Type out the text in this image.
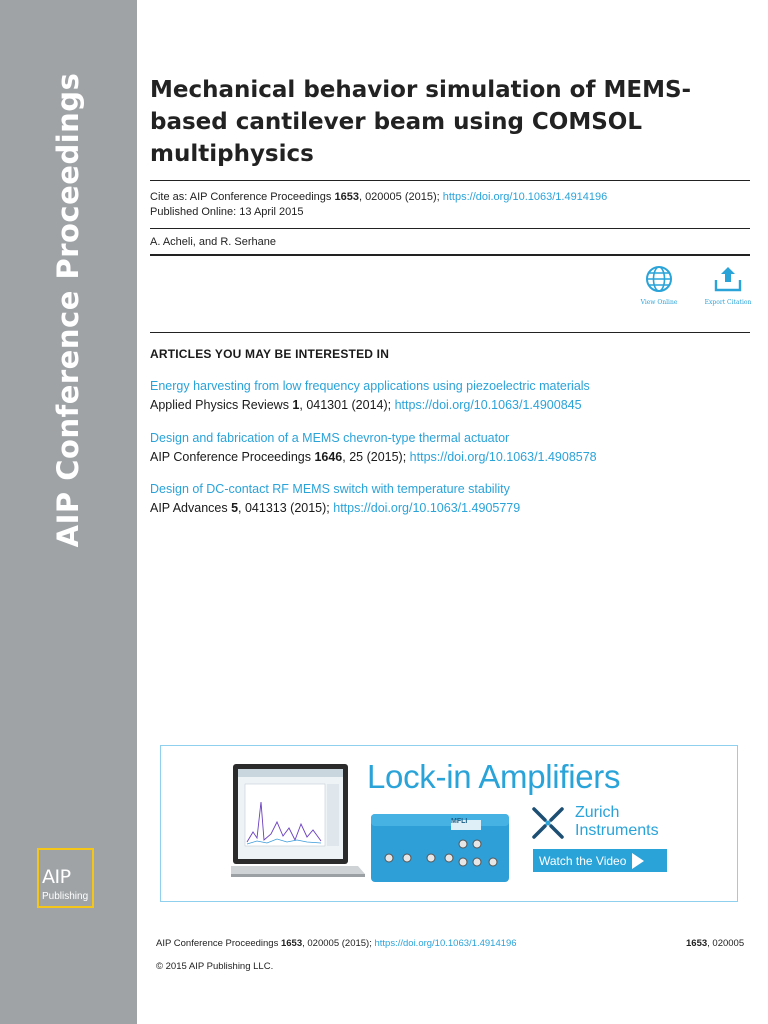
AIP Conference Proceedings
AIP
Publishing
Mechanical behavior simulation of MEMS-based cantilever beam using COMSOL multiphysics
Cite as: AIP Conference Proceedings 1653, 020005 (2015); https://doi.org/10.1063/1.4914196
Published Online: 13 April 2015
A. Acheli, and R. Serhane
View Online	Export Citation
ARTICLES YOU MAY BE INTERESTED IN
Energy harvesting from low frequency applications using piezoelectric materials
Applied Physics Reviews 1, 041301 (2014); https://doi.org/10.1063/1.4900845
Design and fabrication of a MEMS chevron-type thermal actuator
AIP Conference Proceedings 1646, 25 (2015); https://doi.org/10.1063/1.4908578
Design of DC-contact RF MEMS switch with temperature stability
AIP Advances 5, 041313 (2015); https://doi.org/10.1063/1.4905779
MFLI
Lock-in Amplifiers
Zurich
Instruments
Watch the Video
AIP Conference Proceedings 1653, 020005 (2015); https://doi.org/10.1063/1.4914196	1653, 020005
© 2015 AIP Publishing LLC.
